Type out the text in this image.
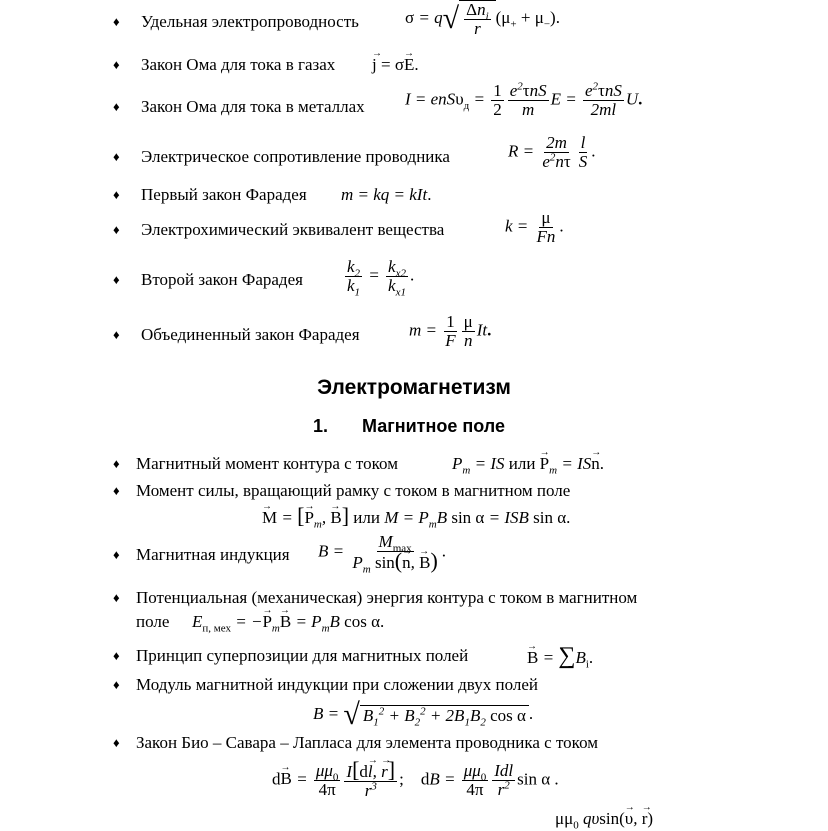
♦ Удельная электропроводность	σ = q √ $\frac{\Delta n_i}{r} (\mu_+ + \mu_-)$.
♦ Закон Ома для тока в газах → j = σ→ E.
♦ Закон Ома для тока в металлах $I = enS\upsilon_д = \frac{1}{2} \frac{e^2\tau nS}{m}$ $E = \frac{e^2\tau nS}{2ml} U$.
♦ Электрическое сопротивление проводника	$R = \frac{2m}{e^2n\tau} \frac{l}{S}$ .
♦ Первый закон Фарадея m = kq = kIt.
♦ Электрохимический эквивалент вещества	$k = \frac{\mu}{Fn}$ .
♦ Второй закон Фарадея $\frac{k_2}{k_1} = \frac{k_{x2}}{k_{x1}}$ .
♦ Объединенный закон Фарадея	$m = \frac{1}{F} \frac{\mu}{n} It$.
Электромагнетизм
1. Магнитное поле
♦ Магнитный момент контура с током	$P_m$ = IS или → $P_m = IS\to n$.
♦ Момент силы, вращающий рамку с током в магнитном поле
→ M = [→ $P_m$, → B] или $M = P_mB$ sin α = ISB sin α.
♦ Магнитная индукция $B = \frac{M_{max}}{P_m \sin(\to n, \to B)}$ .
♦ Потенциальная (механическая) энергия контура с током в магнитном
поле $E_{п, мех}$ = −→ $P_m\to B = P_mB$ cos α.
♦ Принцип суперпозиции для магнитных полей	→ $B = \sum B_i$.
♦ Модуль магнитной индукции при сложении двух полей
B = √ $B_1^2 + B_2^2 + 2B_1B_2$ cos α .
♦ Закон Био – Савара – Лапласа для элемента проводника с током
$d\to B = \frac{\mu\mu_0}{4\pi} \frac{I[d\to l, \to r]}{r^3}$ ; dB = $\frac{\mu\mu_0}{4\pi} \frac{\text{Idl}}{r^2}$ sin α .
$\mu\mu_0$ qυsin(→ υ, → r)
